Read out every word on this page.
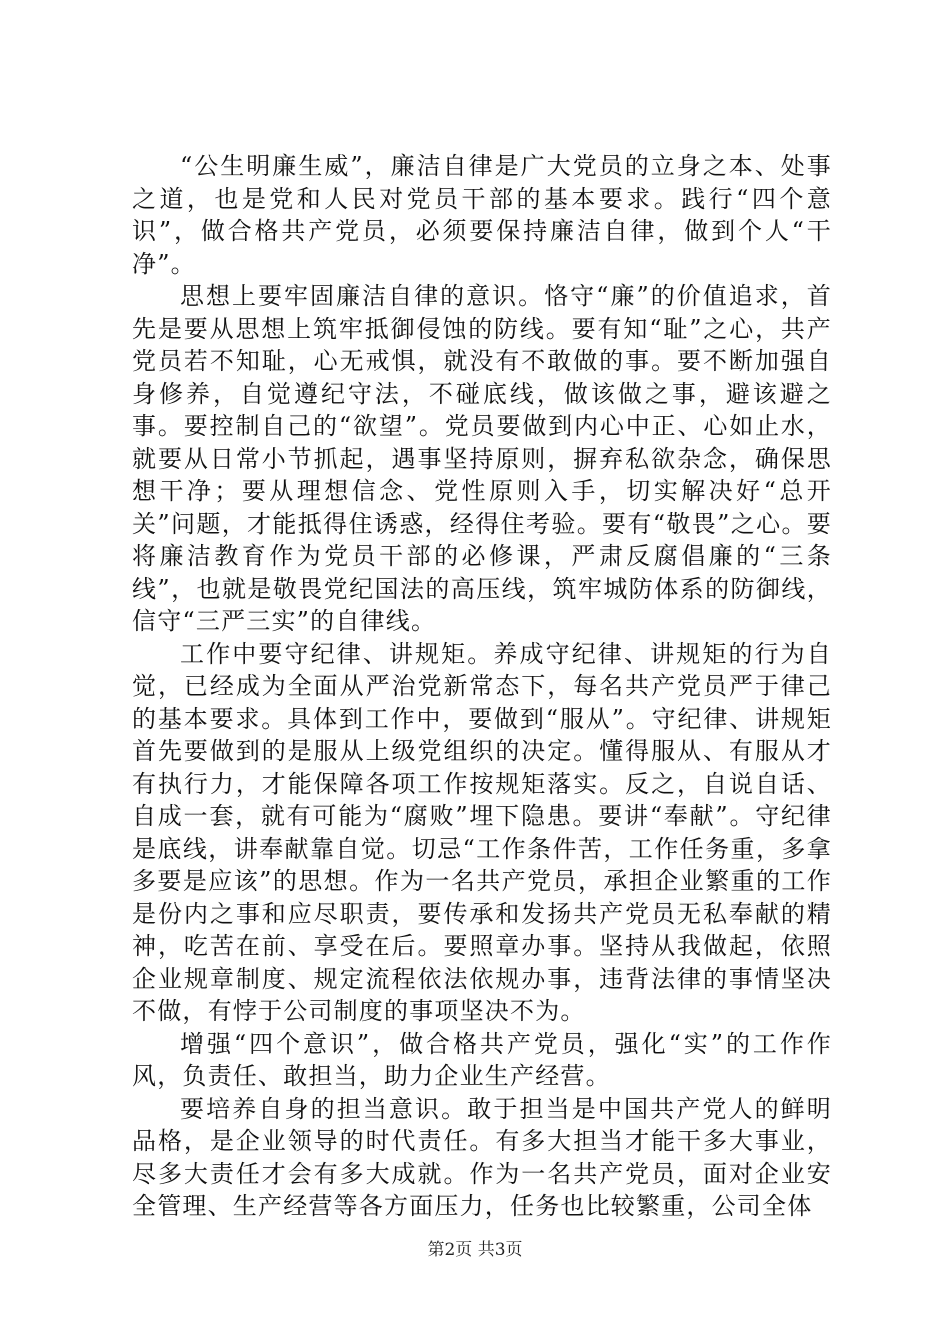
“公生明廉生威”，廉洁自律是广大党员的立身之本、处事之道，也是党和人民对党员干部的基本要求。践行“四个意识”，做合格共产党员，必须要保持廉洁自律，做到个人“干净”。

思想上要牢固廉洁自律的意识。恪守“廉”的价值追求，首先是要从思想上筑牢抵御侵蚀的防线。要有知“耻”之心，共产党员若不知耻，心无戒惧，就没有不敢做的事。要不断加强自身修养，自觉遵纪守法，不碰底线，做该做之事，避该避之事。要控制自己的“欲望”。党员要做到内心中正、心如止水，就要从日常小节抓起，遇事坚持原则，摒弃私欲杂念，确保思想干净；要从理想信念、党性原则入手，切实解决好“总开关”问题，才能抵得住诱惑，经得住考验。要有“敬畏”之心。要将廉洁教育作为党员干部的必修课，严肃反腐倡廉的“三条线”，也就是敬畏党纪国法的高压线，筑牢城防体系的防御线，信守“三严三实”的自律线。

工作中要守纪律、讲规矩。养成守纪律、讲规矩的行为自觉，已经成为全面从严治党新常态下，每名共产党员严于律己的基本要求。具体到工作中，要做到“服从”。守纪律、讲规矩首先要做到的是服从上级党组织的决定。懂得服从、有服从才有执行力，才能保障各项工作按规矩落实。反之，自说自话、自成一套，就有可能为“腐败”埋下隐患。要讲“奉献”。守纪律是底线，讲奉献靠自觉。切忌“工作条件苦，工作任务重，多拿多要是应该”的思想。作为一名共产党员，承担企业繁重的工作是份内之事和应尽职责，要传承和发扬共产党员无私奉献的精神，吃苦在前、享受在后。要照章办事。坚持从我做起，依照企业规章制度、规定流程依法依规办事，违背法律的事情坚决不做，有悖于公司制度的事项坚决不为。

增强“四个意识”，做合格共产党员，强化“实”的工作作风，负责任、敢担当，助力企业生产经营。

要培养自身的担当意识。敢于担当是中国共产党人的鲜明品格，是企业领导的时代责任。有多大担当才能干多大事业，尽多大责任才会有多大成就。作为一名共产党员，面对企业安全管理、生产经营等各方面压力，任务也比较繁重，公司全体

第2页 共3页
